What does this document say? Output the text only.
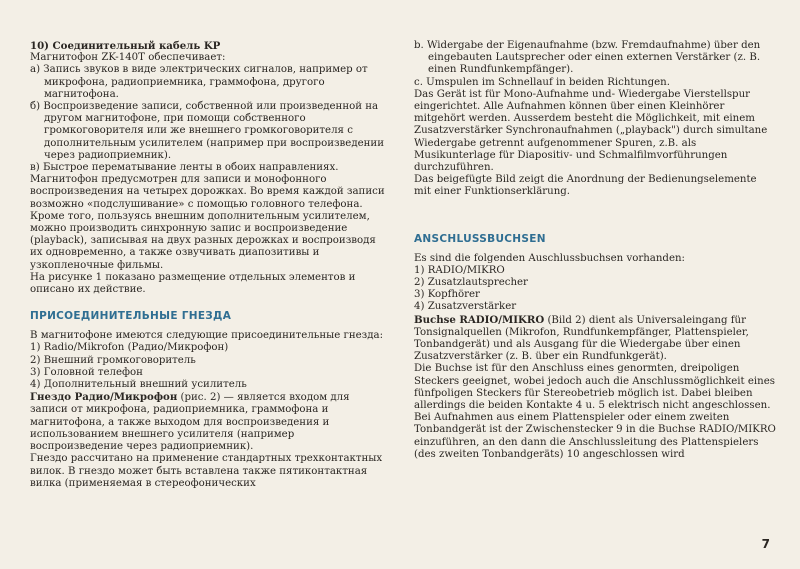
10) Соединительный кабель KP

Магнитофон ZK-140T обеспечивает:

а) Запись звуков в виде электрических сигналов, например от микрофона, радиоприемника, граммофона, другого магнитофона.

б) Воспроизведение записи, собственной или произведенной на другом магнитофоне, при помощи собственного громкоговорителя или же внешнего громкоговорителя с дополнительным усилителем (например при воспроизведении через радиоприемник).

в) Быстрое перематывание ленты в обоих направлениях.

Магнитофон предусмотрен для записи и монофонного воспроизведения на четырех дорожках. Во время каждой записи возможно «подслушивание» с помощью головного телефона.

Кроме того, пользуясь внешним дополнительным усилителем, можно производить синхронную запис и воспроизведение (playback), записывая на двух разных дерожках и воспроизводя их одновременно, а также озвучивать диапозитивы и узкопленочные фильмы.

На рисунке 1 показано размещение отдельных элементов и описано их действие.

ПРИСОЕДИНИТЕЛЬНЫЕ ГНЕЗДА

В магнитофоне имеются следующие присоединительные гнезда:

1) Radio/Mikrofon (Радио/Микрофон)

2) Внешний громкоговоритель

3) Головной телефон

4) Дополнительный внешний усилитель

Гнездо Радио/Микрофон (рис. 2) — является входом для записи от микрофона, радиоприемника, граммофона и магнитофона, а также выходом для воспроизведения и использованием внешнего усилителя (например воспроизведение через радиоприемник).

Гнездо рассчитано на применение стандартных трехконтактных вилок. В гнездо может быть вставлена также пятиконтактная вилка (применяемая в стереофонических

b. Widergabe der Eigenaufnahme (bzw. Fremdaufnahme) über den eingebauten Lautsprecher oder einen externen Verstärker (z. B. einen Rundfunkempfänger).

c. Umspulen im Schnellauf in beiden Richtungen.

Das Gerät ist für Mono-Aufnahme und- Wiedergabe Vierstellspur eingerichtet. Alle Aufnahmen können über einen Kleinhörer mitgehört werden. Ausserdem besteht die Möglichkeit, mit einem Zusatzverstärker Synchronaufnahmen („playback") durch simultane Wiedergabe getrennt aufgenommener Spuren, z.B. als Musikunterlage für Diapositiv- und Schmalfilmvorführungen durchzuführen.

Das beigefügte Bild zeigt die Anordnung der Bedienungselemente mit einer Funktionserklärung.

ANSCHLUSSBUCHSEN

Es sind die folgenden Auschlussbuchsen vorhanden:

1) RADIO/MIKRO

2) Zusatzlautsprecher

3) Kopfhörer

4) Zusatzverstärker

Buchse RADIO/MIKRO (Bild 2) dient als Universaleingang für Tonsignalquellen (Mikrofon, Rundfunkempfänger, Plattenspieler, Tonbandgerät) und als Ausgang für die Wiedergabe über einen Zusatzverstärker (z. B. über ein Rundfunkgerät).

Die Buchse ist für den Anschluss eines genormten, dreipoligen Steckers geeignet, wobei jedoch auch die Anschlussmöglichkeit eines fünfpoligen Steckers für Stereobetrieb möglich ist. Dabei bleiben allerdings die beiden Kontakte 4 u. 5 elektrisch nicht angeschlossen.

Bei Aufnahmen aus einem Plattenspieler oder einem zweiten Tonbandgerät ist der Zwischenstecker 9 in die Buchse RADIO/MIKRO einzuführen, an den dann die Anschlussleitung des Plattenspielers (des zweiten Tonbandgeräts) 10 angeschlossen wird

7
